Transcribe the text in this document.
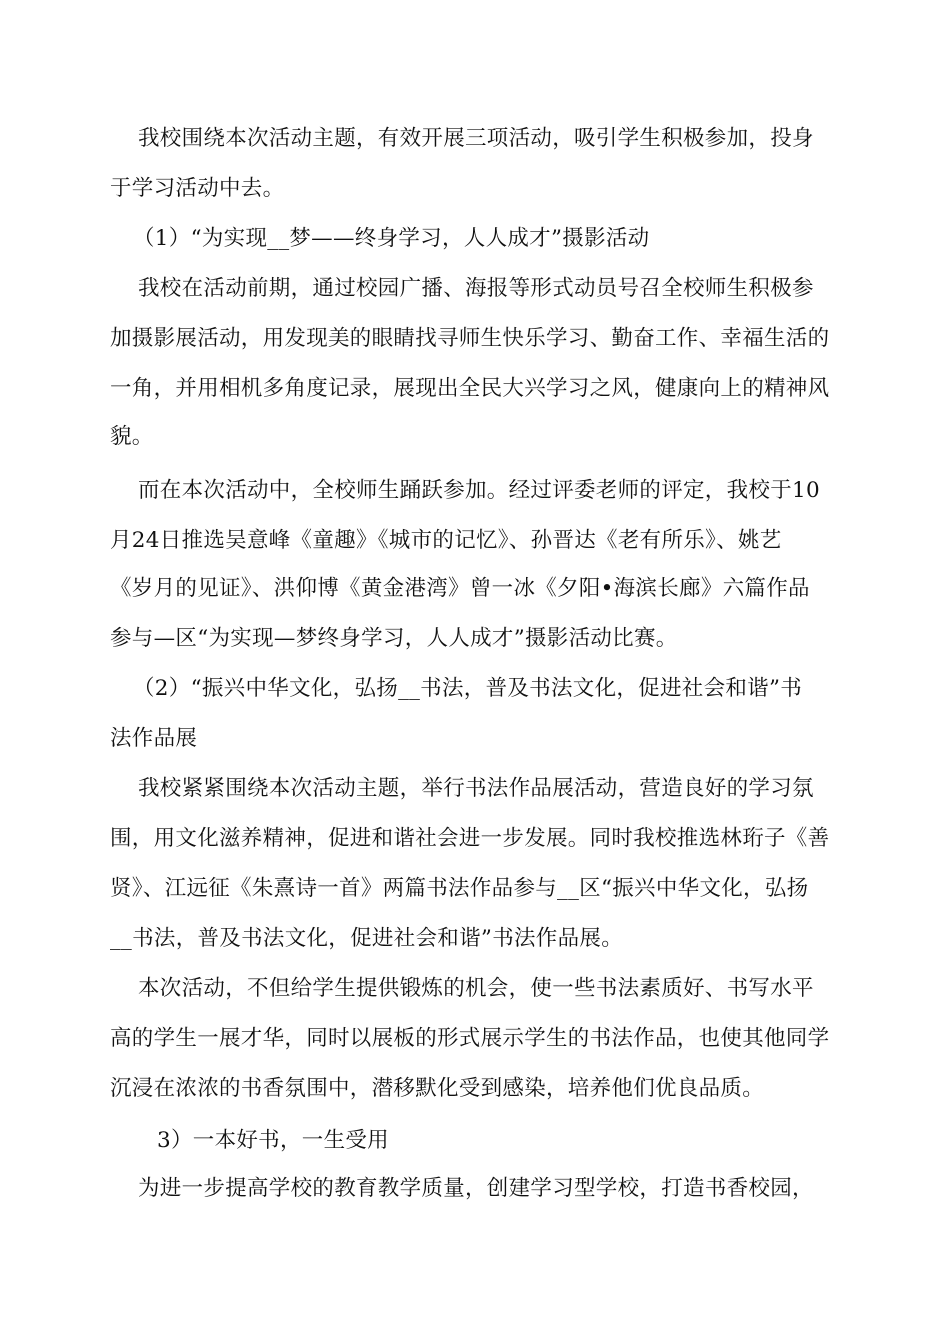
我校围绕本次活动主题，有效开展三项活动，吸引学生积极参加，投身
于学习活动中去。
（1）“为实现__梦——终身学习，人人成才”摄影活动
我校在活动前期，通过校园广播、海报等形式动员号召全校师生积极参
加摄影展活动，用发现美的眼睛找寻师生快乐学习、勤奋工作、幸福生活的
一角，并用相机多角度记录，展现出全民大兴学习之风，健康向上的精神风
貌。
而在本次活动中，全校师生踊跃参加。经过评委老师的评定，我校于10
月24日推选吴意峰《童趣》《城市的记忆》、孙晋达《老有所乐》、姚艺
《岁月的见证》、洪仰博《黄金港湾》曾一冰《夕阳•海滨长廊》六篇作品
参与—区“为实现—梦终身学习，人人成才”摄影活动比赛。
（2）“振兴中华文化，弘扬__书法，普及书法文化，促进社会和谐”书
法作品展
我校紧紧围绕本次活动主题，举行书法作品展活动，营造良好的学习氛
围，用文化滋养精神，促进和谐社会进一步发展。同时我校推选林珩子《善
贤》、江远征《朱熹诗一首》两篇书法作品参与__区“振兴中华文化，弘扬
__书法，普及书法文化，促进社会和谐”书法作品展。
本次活动，不但给学生提供锻炼的机会，使一些书法素质好、书写水平
高的学生一展才华，同时以展板的形式展示学生的书法作品，也使其他同学
沉浸在浓浓的书香氛围中，潜移默化受到感染，培养他们优良品质。
3）一本好书，一生受用
为进一步提高学校的教育教学质量，创建学习型学校，打造书香校园，
